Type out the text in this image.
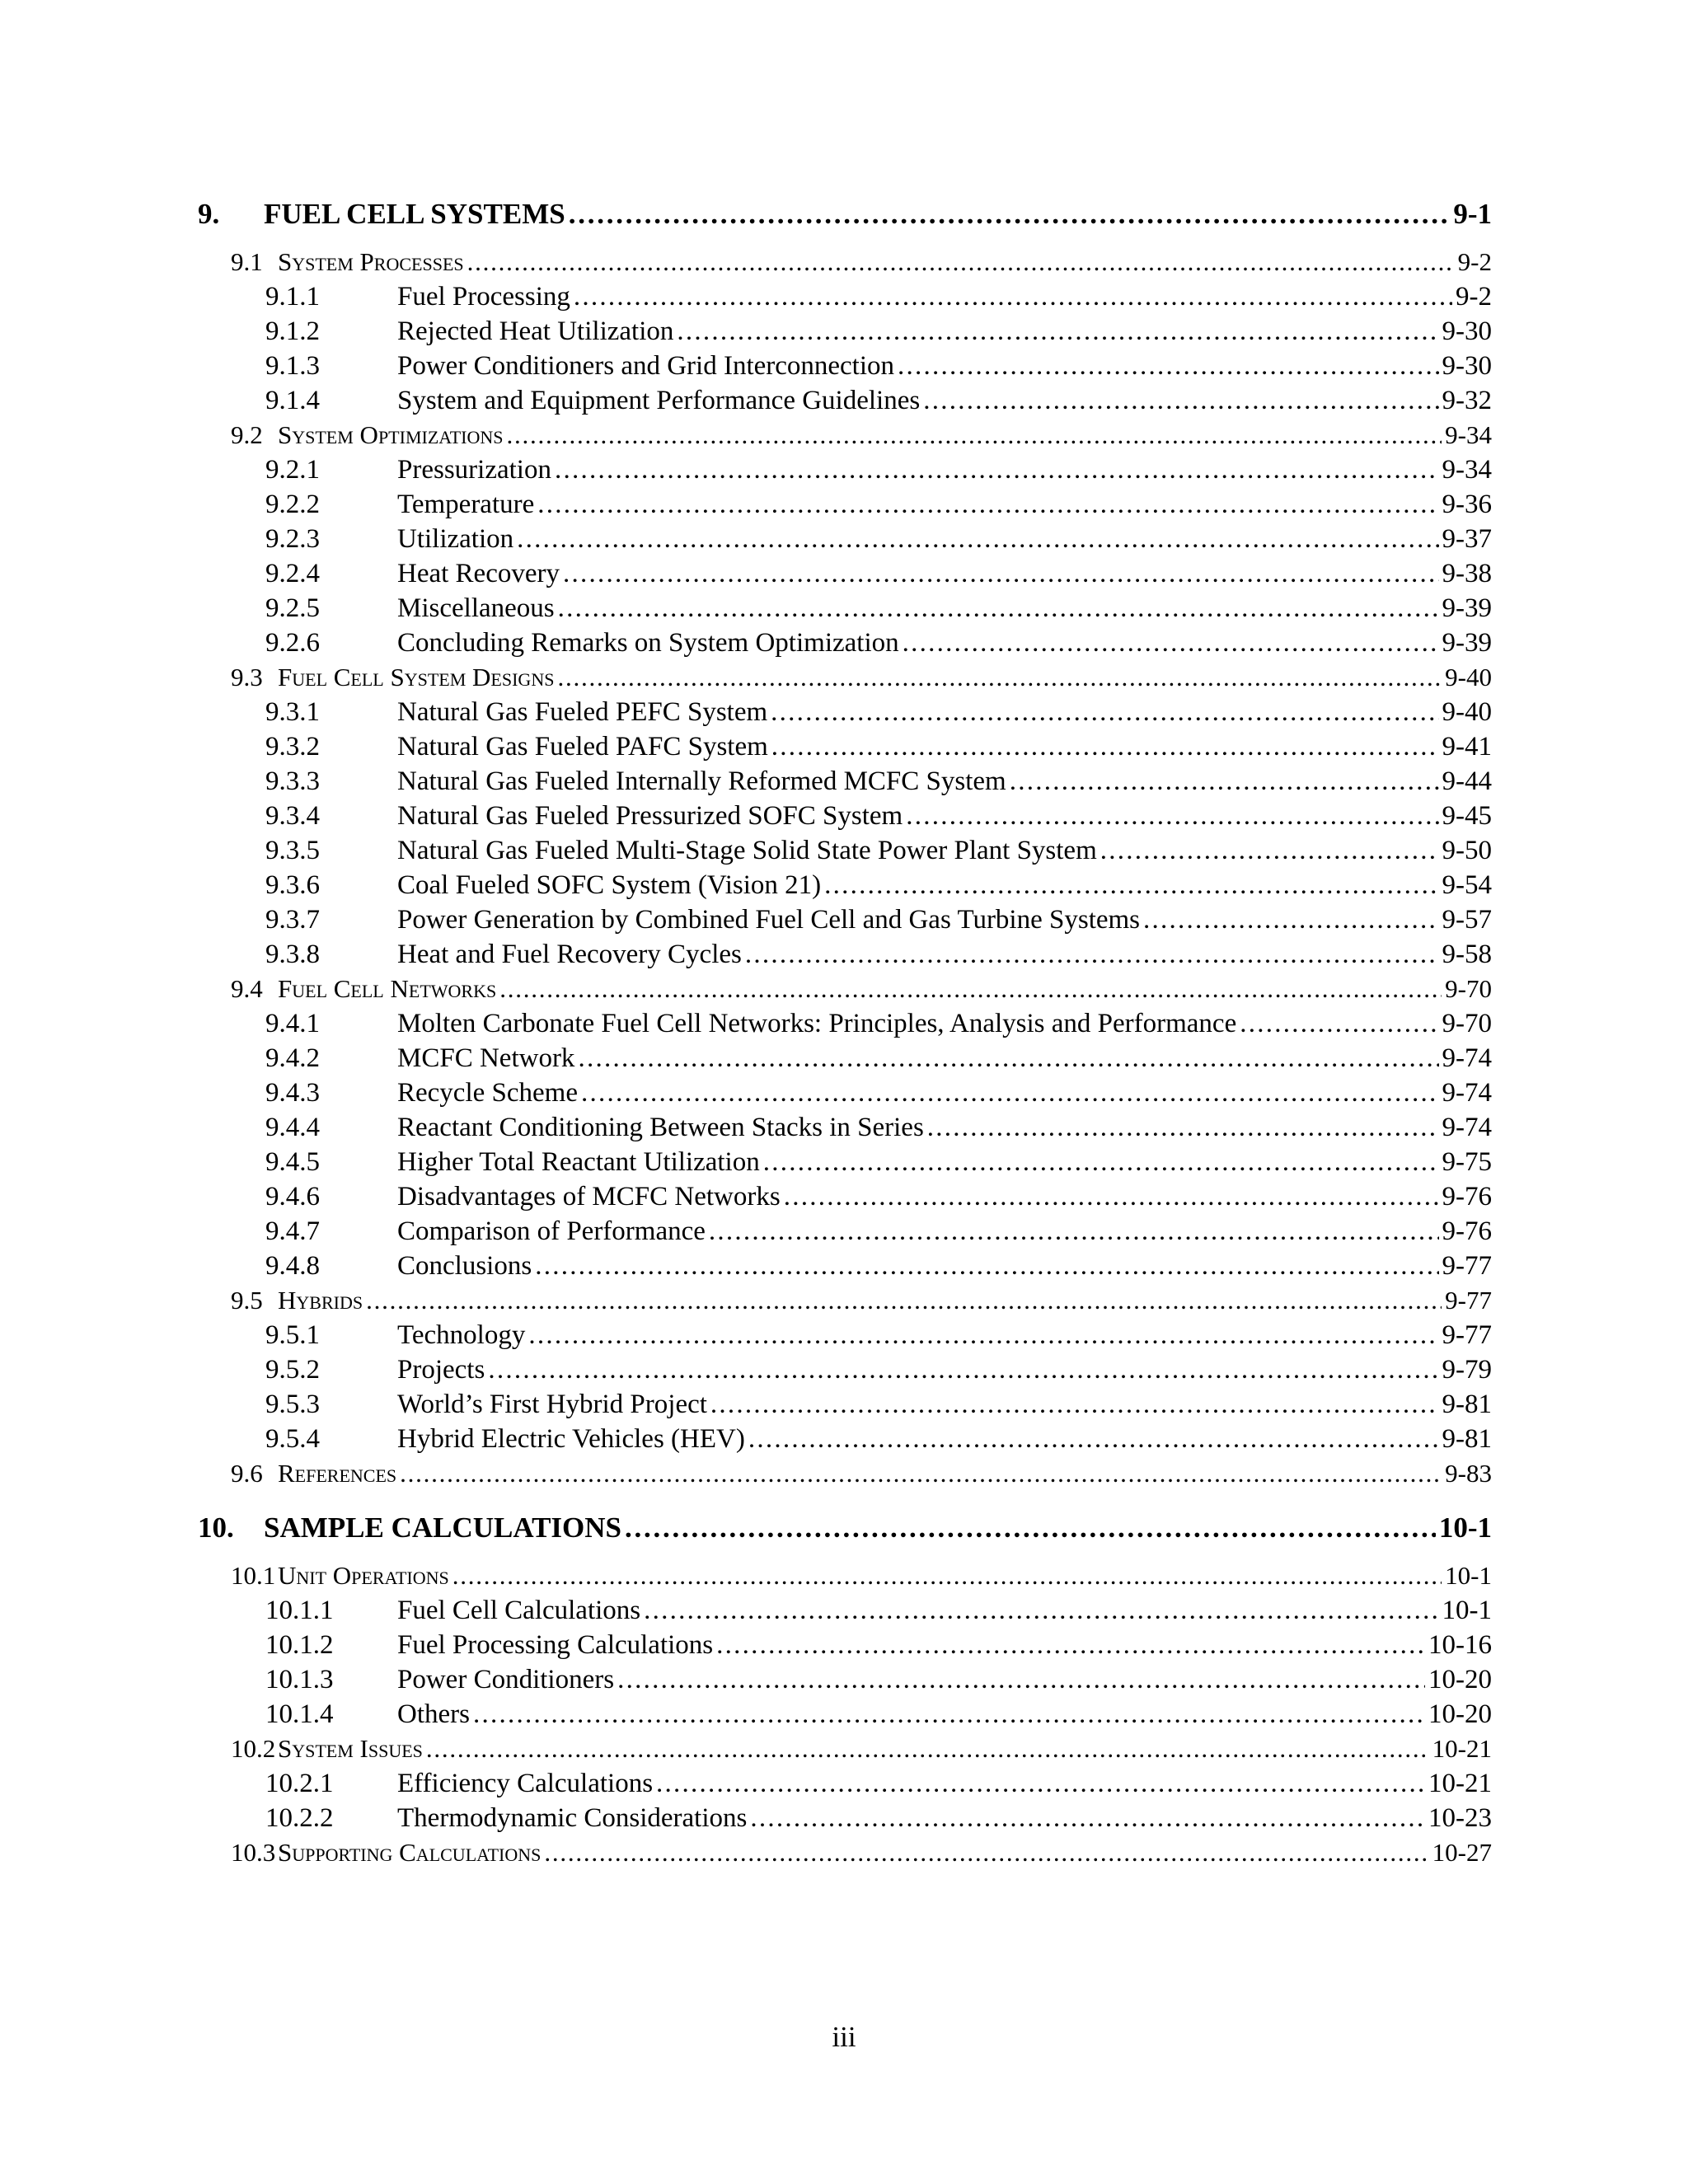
9.	FUEL CELL SYSTEMS . . .	9-1
9.1 System Processes . . .	9-2
9.1.1	Fuel Processing . . .	9-2
9.1.2	Rejected Heat Utilization . . .	9-30
9.1.3	Power Conditioners and Grid Interconnection . . .	9-30
9.1.4	System and Equipment Performance Guidelines . . .	9-32
9.2 System Optimizations . . .	9-34
9.2.1	Pressurization . . .	9-34
9.2.2	Temperature . . .	9-36
9.2.3	Utilization . . .	9-37
9.2.4	Heat Recovery . . .	9-38
9.2.5	Miscellaneous . . .	9-39
9.2.6	Concluding Remarks on System Optimization . . .	9-39
9.3 Fuel Cell System Designs . . .	9-40
9.3.1	Natural Gas Fueled PEFC System . . .	9-40
9.3.2	Natural Gas Fueled PAFC System . . .	9-41
9.3.3	Natural Gas Fueled Internally Reformed MCFC System . . .	9-44
9.3.4	Natural Gas Fueled Pressurized SOFC System . . .	9-45
9.3.5	Natural Gas Fueled Multi-Stage Solid State Power Plant System . . .	9-50
9.3.6	Coal Fueled SOFC System (Vision 21) . . .	9-54
9.3.7	Power Generation by Combined Fuel Cell and Gas Turbine Systems . . .	9-57
9.3.8	Heat and Fuel Recovery Cycles . . .	9-58
9.4 Fuel Cell Networks . . .	9-70
9.4.1	Molten Carbonate Fuel Cell Networks: Principles, Analysis and Performance . . .	9-70
9.4.2	MCFC Network . . .	9-74
9.4.3	Recycle Scheme . . .	9-74
9.4.4	Reactant Conditioning Between Stacks in Series . . .	9-74
9.4.5	Higher Total Reactant Utilization . . .	9-75
9.4.6	Disadvantages of MCFC Networks . . .	9-76
9.4.7	Comparison of Performance . . .	9-76
9.4.8	Conclusions . . .	9-77
9.5 Hybrids . . .	9-77
9.5.1	Technology . . .	9-77
9.5.2	Projects . . .	9-79
9.5.3	World’s First Hybrid Project . . .	9-81
9.5.4	Hybrid Electric Vehicles (HEV) . . .	9-81
9.6 References . . .	9-83
10.	SAMPLE CALCULATIONS . . .	10-1
10.1 Unit Operations . . .	10-1
10.1.1	Fuel Cell Calculations . . .	10-1
10.1.2	Fuel Processing Calculations . . .	10-16
10.1.3	Power Conditioners . . .	10-20
10.1.4	Others . . .	10-20
10.2 System Issues . . .	10-21
10.2.1	Efficiency Calculations . . .	10-21
10.2.2	Thermodynamic Considerations . . .	10-23
10.3 Supporting Calculations . . .	10-27
iii
